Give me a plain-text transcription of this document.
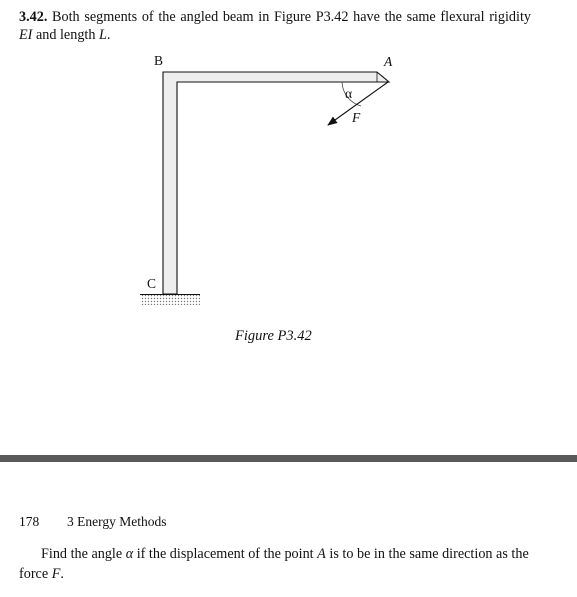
3.42. Both segments of the angled beam in Figure P3.42 have the same flexural rigidity EI and length L.

B	A
C
α
F
Figure P3.42
178 3 Energy Methods

Find the angle α if the displacement of the point A is to be in the same direction as the force F.
